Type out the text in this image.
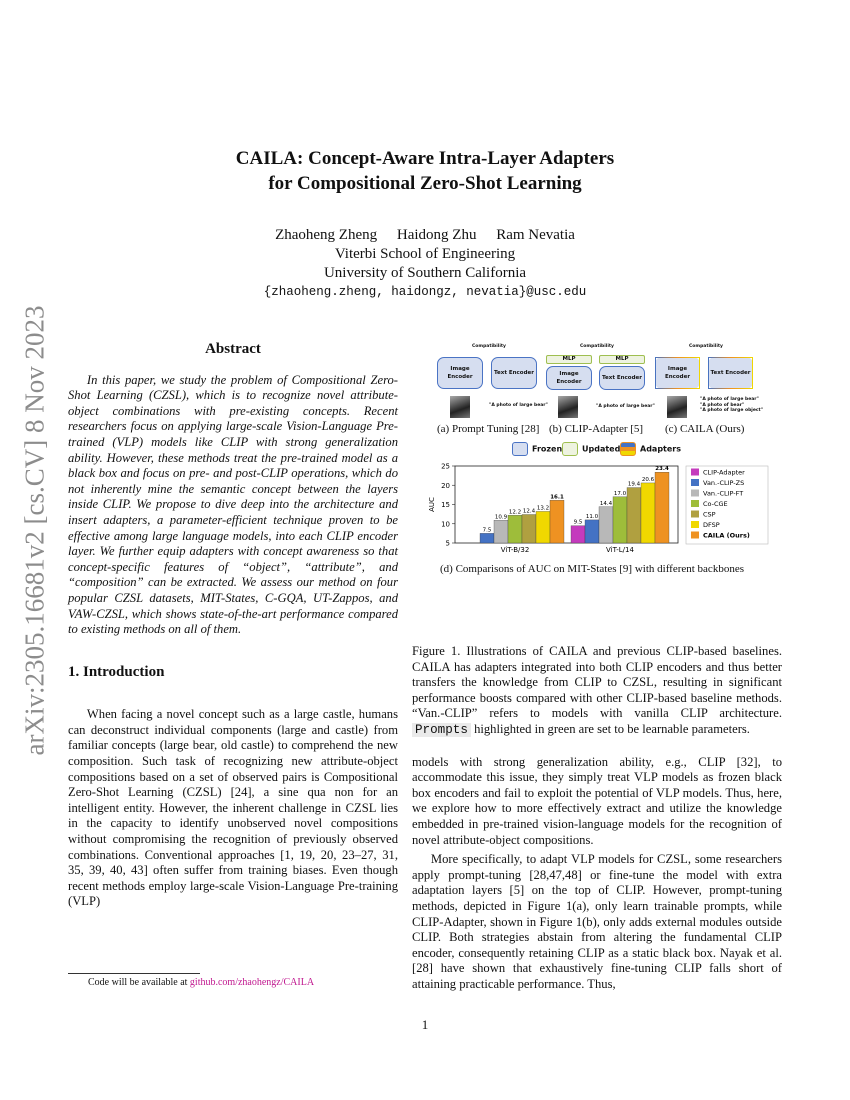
arXiv:2305.16681v2 [cs.CV] 8 Nov 2023
CAILA: Concept-Aware Intra-Layer Adapters
for Compositional Zero-Shot Learning
Zhaoheng Zheng Haidong Zhu Ram Nevatia
Viterbi School of Engineering
University of Southern California
{zhaoheng.zheng, haidongz, nevatia}@usc.edu
Abstract

In this paper, we study the problem of Compositional Zero-Shot Learning (CZSL), which is to recognize novel attribute-object combinations with pre-existing concepts. Recent researchers focus on applying large-scale Vision-Language Pre-trained (VLP) models like CLIP with strong generalization ability. However, these methods treat the pre-trained model as a black box and focus on pre- and post-CLIP operations, which do not inherently mine the semantic concept between the layers inside CLIP. We propose to dive deep into the architecture and insert adapters, a parameter-efficient technique proven to be effective among large language models, into each CLIP encoder layer. We further equip adapters with concept awareness so that concept-specific features of “object”, “attribute”, and “composition” can be extracted. We assess our method on four popular CZSL datasets, MIT-States, C-GQA, UT-Zappos, and VAW-CZSL, which shows state-of-the-art performance compared to existing methods on all of them.

1. Introduction

When facing a novel concept such as a large castle, humans can deconstruct individual components (large and castle) from familiar concepts (large bear, old castle) to comprehend the new composition. Such task of recognizing new attribute-object compositions based on a set of observed pairs is Compositional Zero-Shot Learning (CZSL) [24], a sine qua non for an intelligent entity. However, the inherent challenge in CZSL lies in the capacity to identify unobserved novel compositions without compromising the recognition of previously observed combinations. Conventional approaches [1, 19, 20, 23–27, 31, 35, 39, 40, 43] often suffer from training biases. Even though recent methods employ large-scale Vision-Language Pre-training (VLP)

Code will be available at github.com/zhaohengz/CAILA
Compatibility
Image Encoder
Text Encoder
"A photo of large bear"
Compatibility
MLP	MLP
Image Encoder
Text Encoder
"A photo of large bear"
Compatibility
Image Encoder
Text Encoder
"A photo of large bear"
"A photo of bear"
"A photo of large object"
(a) Prompt Tuning [28] (b) CLIP-Adapter [5] (c) CAILA (Ours)
Frozen	Updated	Adapters
5
10
15
20
25
AUC
ViT-B/32
7.5
10.9
12.2 12.4
13.2
16.1
ViT-L/14
9.5
11.0
14.4
17.0
19.4
20.6
23.4	CLIP-Adapter
Van.-CLIP-ZS
Van.-CLIP-FT
Co-CGE
CSP
DFSP
CAILA (Ours)
(d) Comparisons of AUC on MIT-States [9] with different backbones

Figure 1. Illustrations of CAILA and previous CLIP-based baselines. CAILA has adapters integrated into both CLIP encoders and thus better transfers the knowledge from CLIP to CZSL, resulting in significant performance boosts compared with other CLIP-based baseline methods. “Van.-CLIP” refers to models with vanilla CLIP architecture. Prompts highlighted in green are set to be learnable parameters.

models with strong generalization ability, e.g., CLIP [32], to accommodate this issue, they simply treat VLP models as frozen black box encoders and fail to exploit the potential of VLP models. Thus, here, we explore how to more effectively extract and utilize the knowledge embedded in pre-trained vision-language models for the recognition of novel attribute-object compositions.

More specifically, to adapt VLP models for CZSL, some researchers apply prompt-tuning [28,47,48] or fine-tune the model with extra adaptation layers [5] on the top of CLIP. However, prompt-tuning methods, depicted in Figure 1(a), only learn trainable prompts, while CLIP-Adapter, shown in Figure 1(b), only adds external modules outside CLIP. Both strategies abstain from altering the fundamental CLIP encoder, consequently retaining CLIP as a static black box. Nayak et al. [28] have shown that exhaustively fine-tuning CLIP falls short of attaining practicable performance. Thus,

1
